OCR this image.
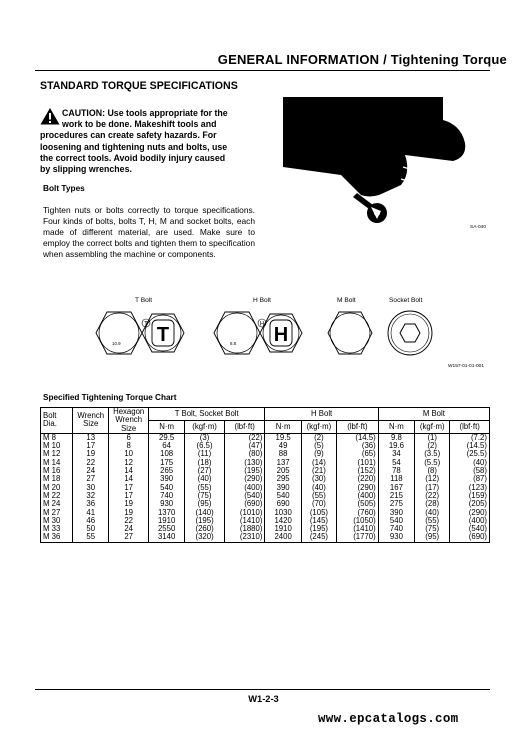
GENERAL INFORMATION / Tightening Torque
STANDARD TORQUE SPECIFICATIONS
CAUTION: Use tools appropriate for the
work to be done. Makeshift tools and
procedures can create safety hazards. For
loosening and tightening nuts and bolts, use
the correct tools. Avoid bodily injury caused
by slipping wrenches.
Bolt Types
Tighten nuts or bolts correctly to torque specifications. Four kinds of bolts, bolts T, H, M and socket bolts, each made of different material, are used. Make sure to employ the correct bolts and tighten them to specification when assembling the machine or components.
SA-040
T Bolt	H Bolt	M Bolt	Socket Bolt
T
10.9 T	H
8.8 H
W157-01-01-001
Specified Tightening Torque Chart
Bolt
Dia.	Wrench
Size	Hexagon
Wrench
Size	T Bolt, Socket Bolt			H Bolt			M Bolt		
			N·m	(kgf·m)	(lbf·ft)	N·m	(kgf·m)	(lbf·ft)	N·m	(kgf·m)	(lbf·ft)
M 8	13	6	29.5	(3)	(22)	19.5	(2)	(14.5)	9.8	(1)	(7.2)
M 10	17	8	64	(6.5)	(47)	49	(5)	(36)	19.6	(2)	(14.5)
M 12	19	10	108	(11)	(80)	88	(9)	(65)	34	(3.5)	(25.5)
M 14	22	12	175	(18)	(130)	137	(14)	(101)	54	(5.5)	(40)
M 16	24	14	265	(27)	(195)	205	(21)	(152)	78	(8)	(58)
M 18	27	14	390	(40)	(290)	295	(30)	(220)	118	(12)	(87)
M 20	30	17	540	(55)	(400)	390	(40)	(290)	167	(17)	(123)
M 22	32	17	740	(75)	(540)	540	(55)	(400)	215	(22)	(159)
M 24	36	19	930	(95)	(690)	690	(70)	(505)	275	(28)	(205)
M 27	41	19	1370	(140)	(1010)	1030	(105)	(760)	390	(40)	(290)
M 30	46	22	1910	(195)	(1410)	1420	(145)	(1050)	540	(55)	(400)
M 33	50	24	2550	(260)	(1880)	1910	(195)	(1410)	740	(75)	(540)
M 36	55	27	3140	(320)	(2310)	2400	(245)	(1770)	930	(95)	(690)
W1-2-3
www.epcatalogs.com
